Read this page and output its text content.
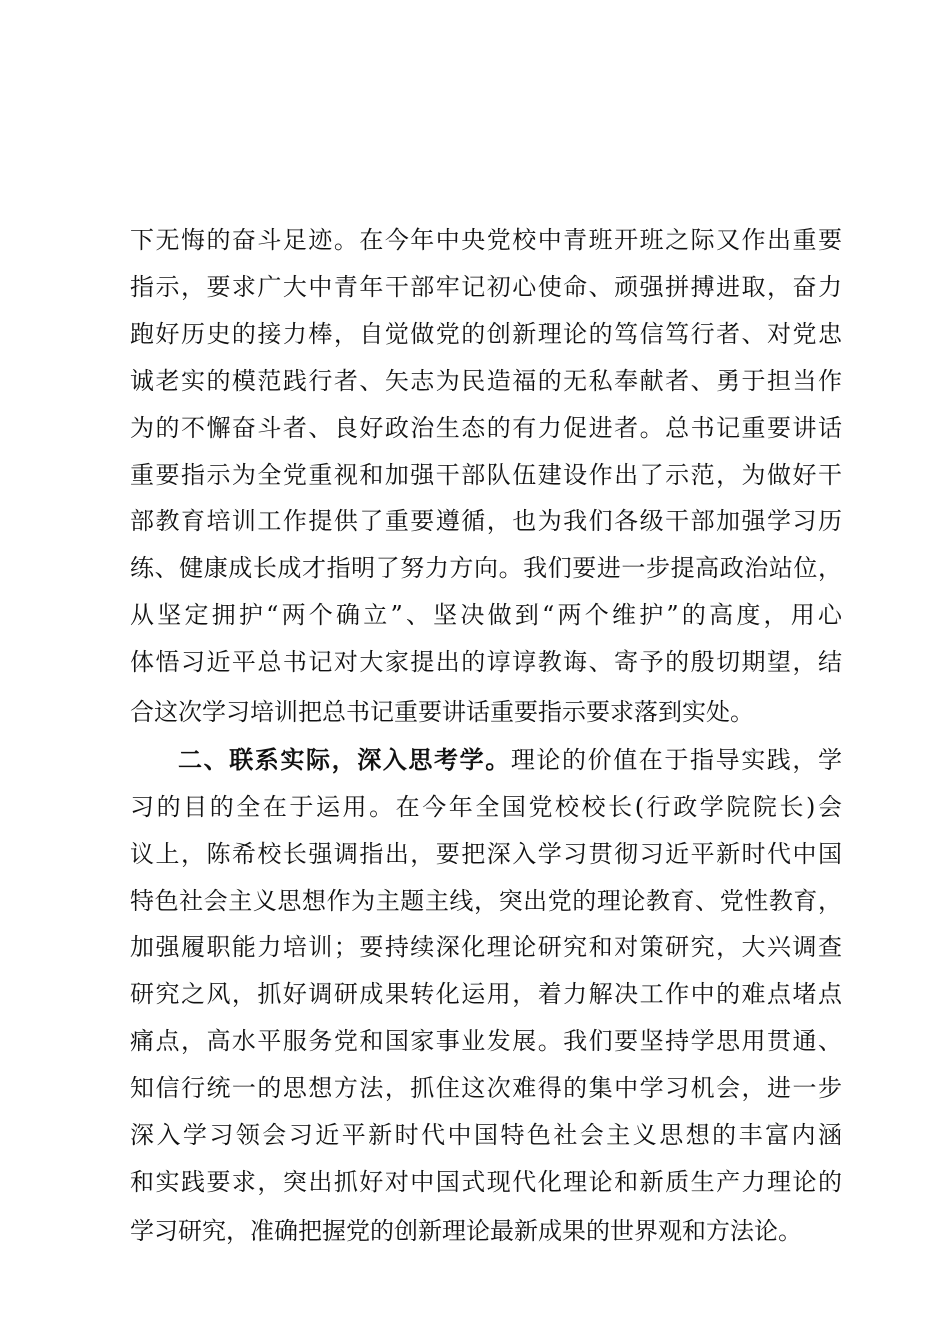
下无悔的奋斗足迹。在今年中央党校中青班开班之际又作出重要
指示，要求广大中青年干部牢记初心使命、顽强拼搏进取，奋力
跑好历史的接力棒，自觉做党的创新理论的笃信笃行者、对党忠
诚老实的模范践行者、矢志为民造福的无私奉献者、勇于担当作
为的不懈奋斗者、良好政治生态的有力促进者。总书记重要讲话
重要指示为全党重视和加强干部队伍建设作出了示范，为做好干
部教育培训工作提供了重要遵循，也为我们各级干部加强学习历
练、健康成长成才指明了努力方向。我们要进一步提高政治站位，
从坚定拥护“两个确立”、坚决做到“两个维护”的高度，用心
体悟习近平总书记对大家提出的谆谆教诲、寄予的殷切期望，结
合这次学习培训把总书记重要讲话重要指示要求落到实处。
二、联系实际，深入思考学。理论的价值在于指导实践，学
习的目的全在于运用。在今年全国党校校长(行政学院院长)会
议上，陈希校长强调指出，要把深入学习贯彻习近平新时代中国
特色社会主义思想作为主题主线，突出党的理论教育、党性教育，
加强履职能力培训；要持续深化理论研究和对策研究，大兴调查
研究之风，抓好调研成果转化运用，着力解决工作中的难点堵点
痛点，高水平服务党和国家事业发展。我们要坚持学思用贯通、
知信行统一的思想方法，抓住这次难得的集中学习机会，进一步
深入学习领会习近平新时代中国特色社会主义思想的丰富内涵
和实践要求，突出抓好对中国式现代化理论和新质生产力理论的
学习研究，准确把握党的创新理论最新成果的世界观和方法论。
